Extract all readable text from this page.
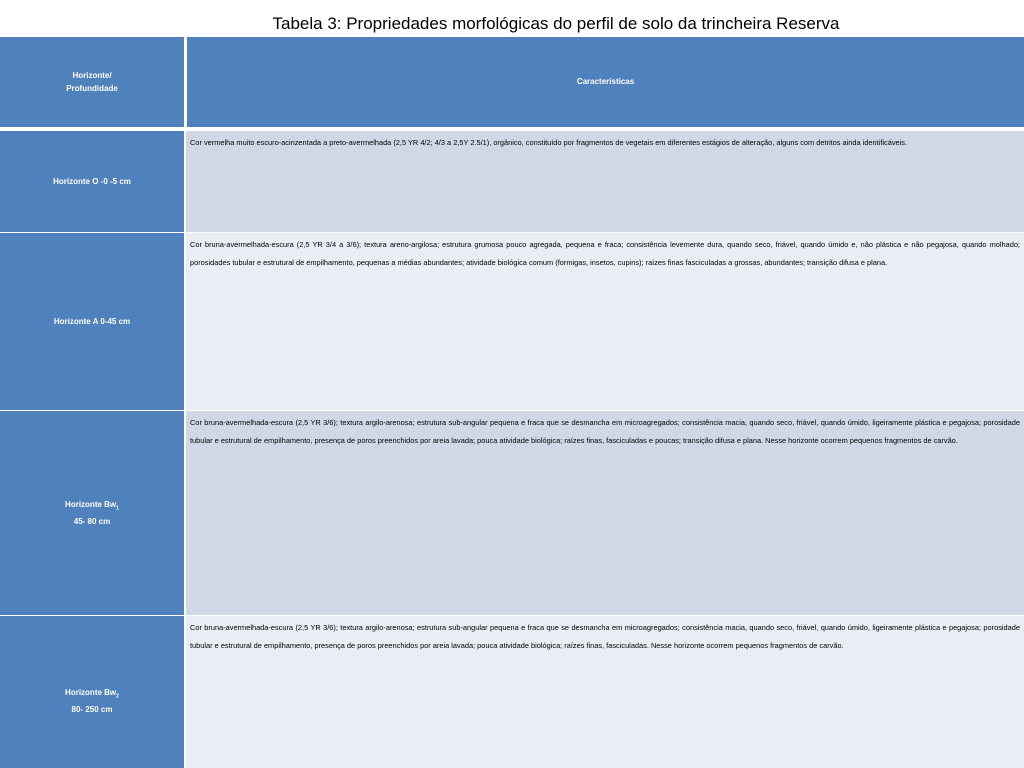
Tabela 3: Propriedades morfológicas do perfil de solo da trincheira Reserva
Horizonte/
Profundidade
Características
Horizonte O -0 -5 cm
Cor vermelha muito escuro-acinzentada a preto-avermelhada (2,5 YR 4/2; 4/3 a 2,5Y 2.5/1), orgânico, constituído por fragmentos de vegetais em diferentes estágios de alteração, alguns com detritos ainda identificáveis.
Horizonte A 0-45 cm
Cor bruna-avermelhada-escura (2,5 YR 3/4 a 3/6); textura areno-argilosa; estrutura grumosa pouco agregada, pequena e fraca; consistência levemente dura, quando seco, friável, quando úmido e, não plástica e não pegajosa, quando molhado; porosidades tubular e estrutural de empilhamento, pequenas a médias abundantes; atividade biológica comum (formigas, insetos, cupins); raízes finas fasciculadas a grossas, abundantes; transição difusa e plana.
Horizonte $Bw_1$
45- 80 cm
Cor bruna-avermelhada-escura (2,5 YR 3/6); textura argilo-arenosa; estrutura sub-angular pequena e fraca que se desmancha em microagregados; consistência macia, quando seco, friável, quando úmido, ligeiramente plástica e pegajosa; porosidade tubular e estrutural de empilhamento, presença de poros preenchidos por areia lavada; pouca atividade biológica; raízes finas, fasciculadas e poucas; transição difusa e plana. Nesse horizonte ocorrem pequenos fragmentos de carvão.
Horizonte $Bw_2$
80- 250 cm
Cor bruna-avermelhada-escura (2,5 YR 3/6); textura argilo-arenosa; estrutura sub-angular pequena e fraca que se desmancha em microagregados; consistência macia, quando seco, friável, quando úmido, ligeiramente plástica e pegajosa; porosidade tubular e estrutural de empilhamento, presença de poros preenchidos por areia lavada; pouca atividade biológica; raízes finas, fasciculadas. Nesse horizonte ocorrem pequenos fragmentos de carvão.
